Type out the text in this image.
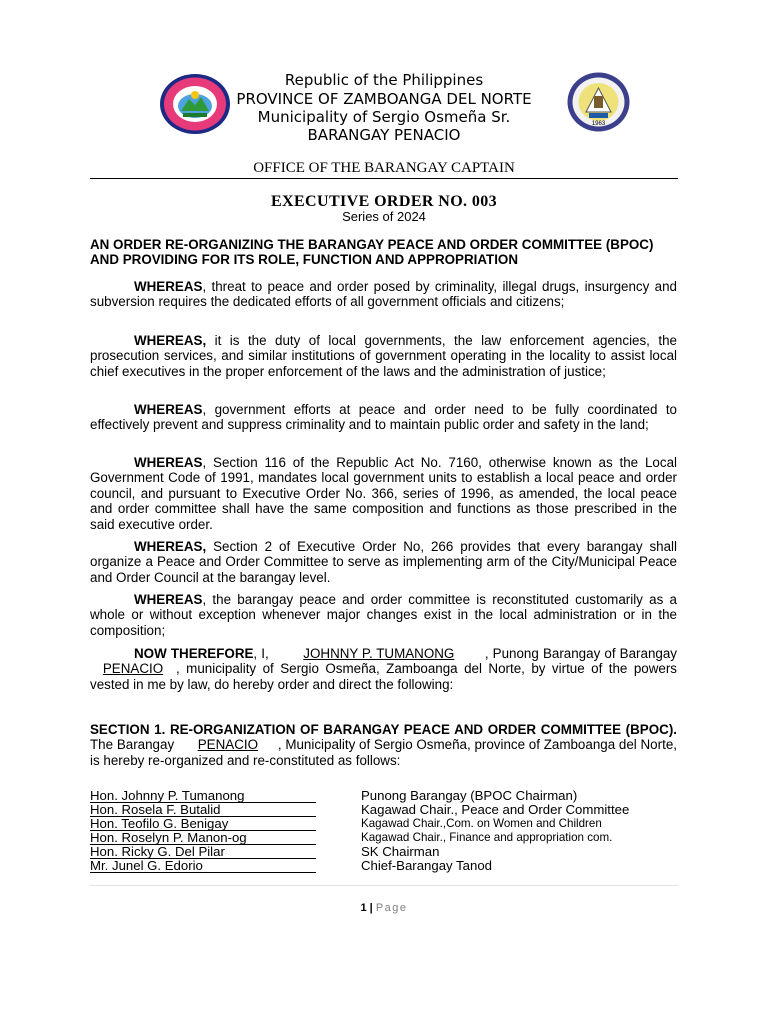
1963
Republic of the Philippines
PROVINCE OF ZAMBOANGA DEL NORTE
Municipality of Sergio Osmeña Sr.
BARANGAY PENACIO
OFFICE OF THE BARANGAY CAPTAIN
EXECUTIVE ORDER NO. 003
Series of 2024
AN ORDER RE-ORGANIZING THE BARANGAY PEACE AND ORDER COMMITTEE (BPOC) AND PROVIDING FOR ITS ROLE, FUNCTION AND APPROPRIATION
WHEREAS, threat to peace and order posed by criminality, illegal drugs, insurgency and subversion requires the dedicated efforts of all government officials and citizens;
WHEREAS, it is the duty of local governments, the law enforcement agencies, the prosecution services, and similar institutions of government operating in the locality to assist local chief executives in the proper enforcement of the laws and the administration of justice;
WHEREAS, government efforts at peace and order need to be fully coordinated to effectively prevent and suppress criminality and to maintain public order and safety in the land;
WHEREAS, Section 116 of the Republic Act No. 7160, otherwise known as the Local Government Code of 1991, mandates local government units to establish a local peace and order council, and pursuant to Executive Order No. 366, series of 1996, as amended, the local peace and order committee shall have the same composition and functions as those prescribed in the said executive order.
WHEREAS, Section 2 of Executive Order No, 266 provides that every barangay shall organize a Peace and Order Committee to serve as implementing arm of the City/Municipal Peace and Order Council at the barangay level.
WHEREAS, the barangay peace and order committee is reconstituted customarily as a whole or without exception whenever major changes exist in the local administration or in the composition;
NOW THEREFORE, I, JOHNNY P. TUMANONG , Punong Barangay of Barangay PENACIO , municipality of Sergio Osmeña, Zamboanga del Norte, by virtue of the powers vested in me by law, do hereby order and direct the following:
SECTION 1. RE-ORGANIZATION OF BARANGAY PEACE AND ORDER COMMITTEE (BPOC). The Barangay PENACIO , Municipality of Sergio Osmeña, province of Zamboanga del Norte, is hereby re-organized and re-constituted as follows:
Hon. Johnny P. Tumanong	Punong Barangay (BPOC Chairman)
Hon. Rosela F. Butalid	Kagawad Chair., Peace and Order Committee
Hon. Teofilo G. Benigay	Kagawad Chair.,Com. on Women and Children
Hon. Roselyn P. Manon-og	Kagawad Chair., Finance and appropriation com.
Hon. Ricky G. Del Pilar	SK Chairman
Mr. Junel G. Edorio	Chief-Barangay Tanod
1 | Page
